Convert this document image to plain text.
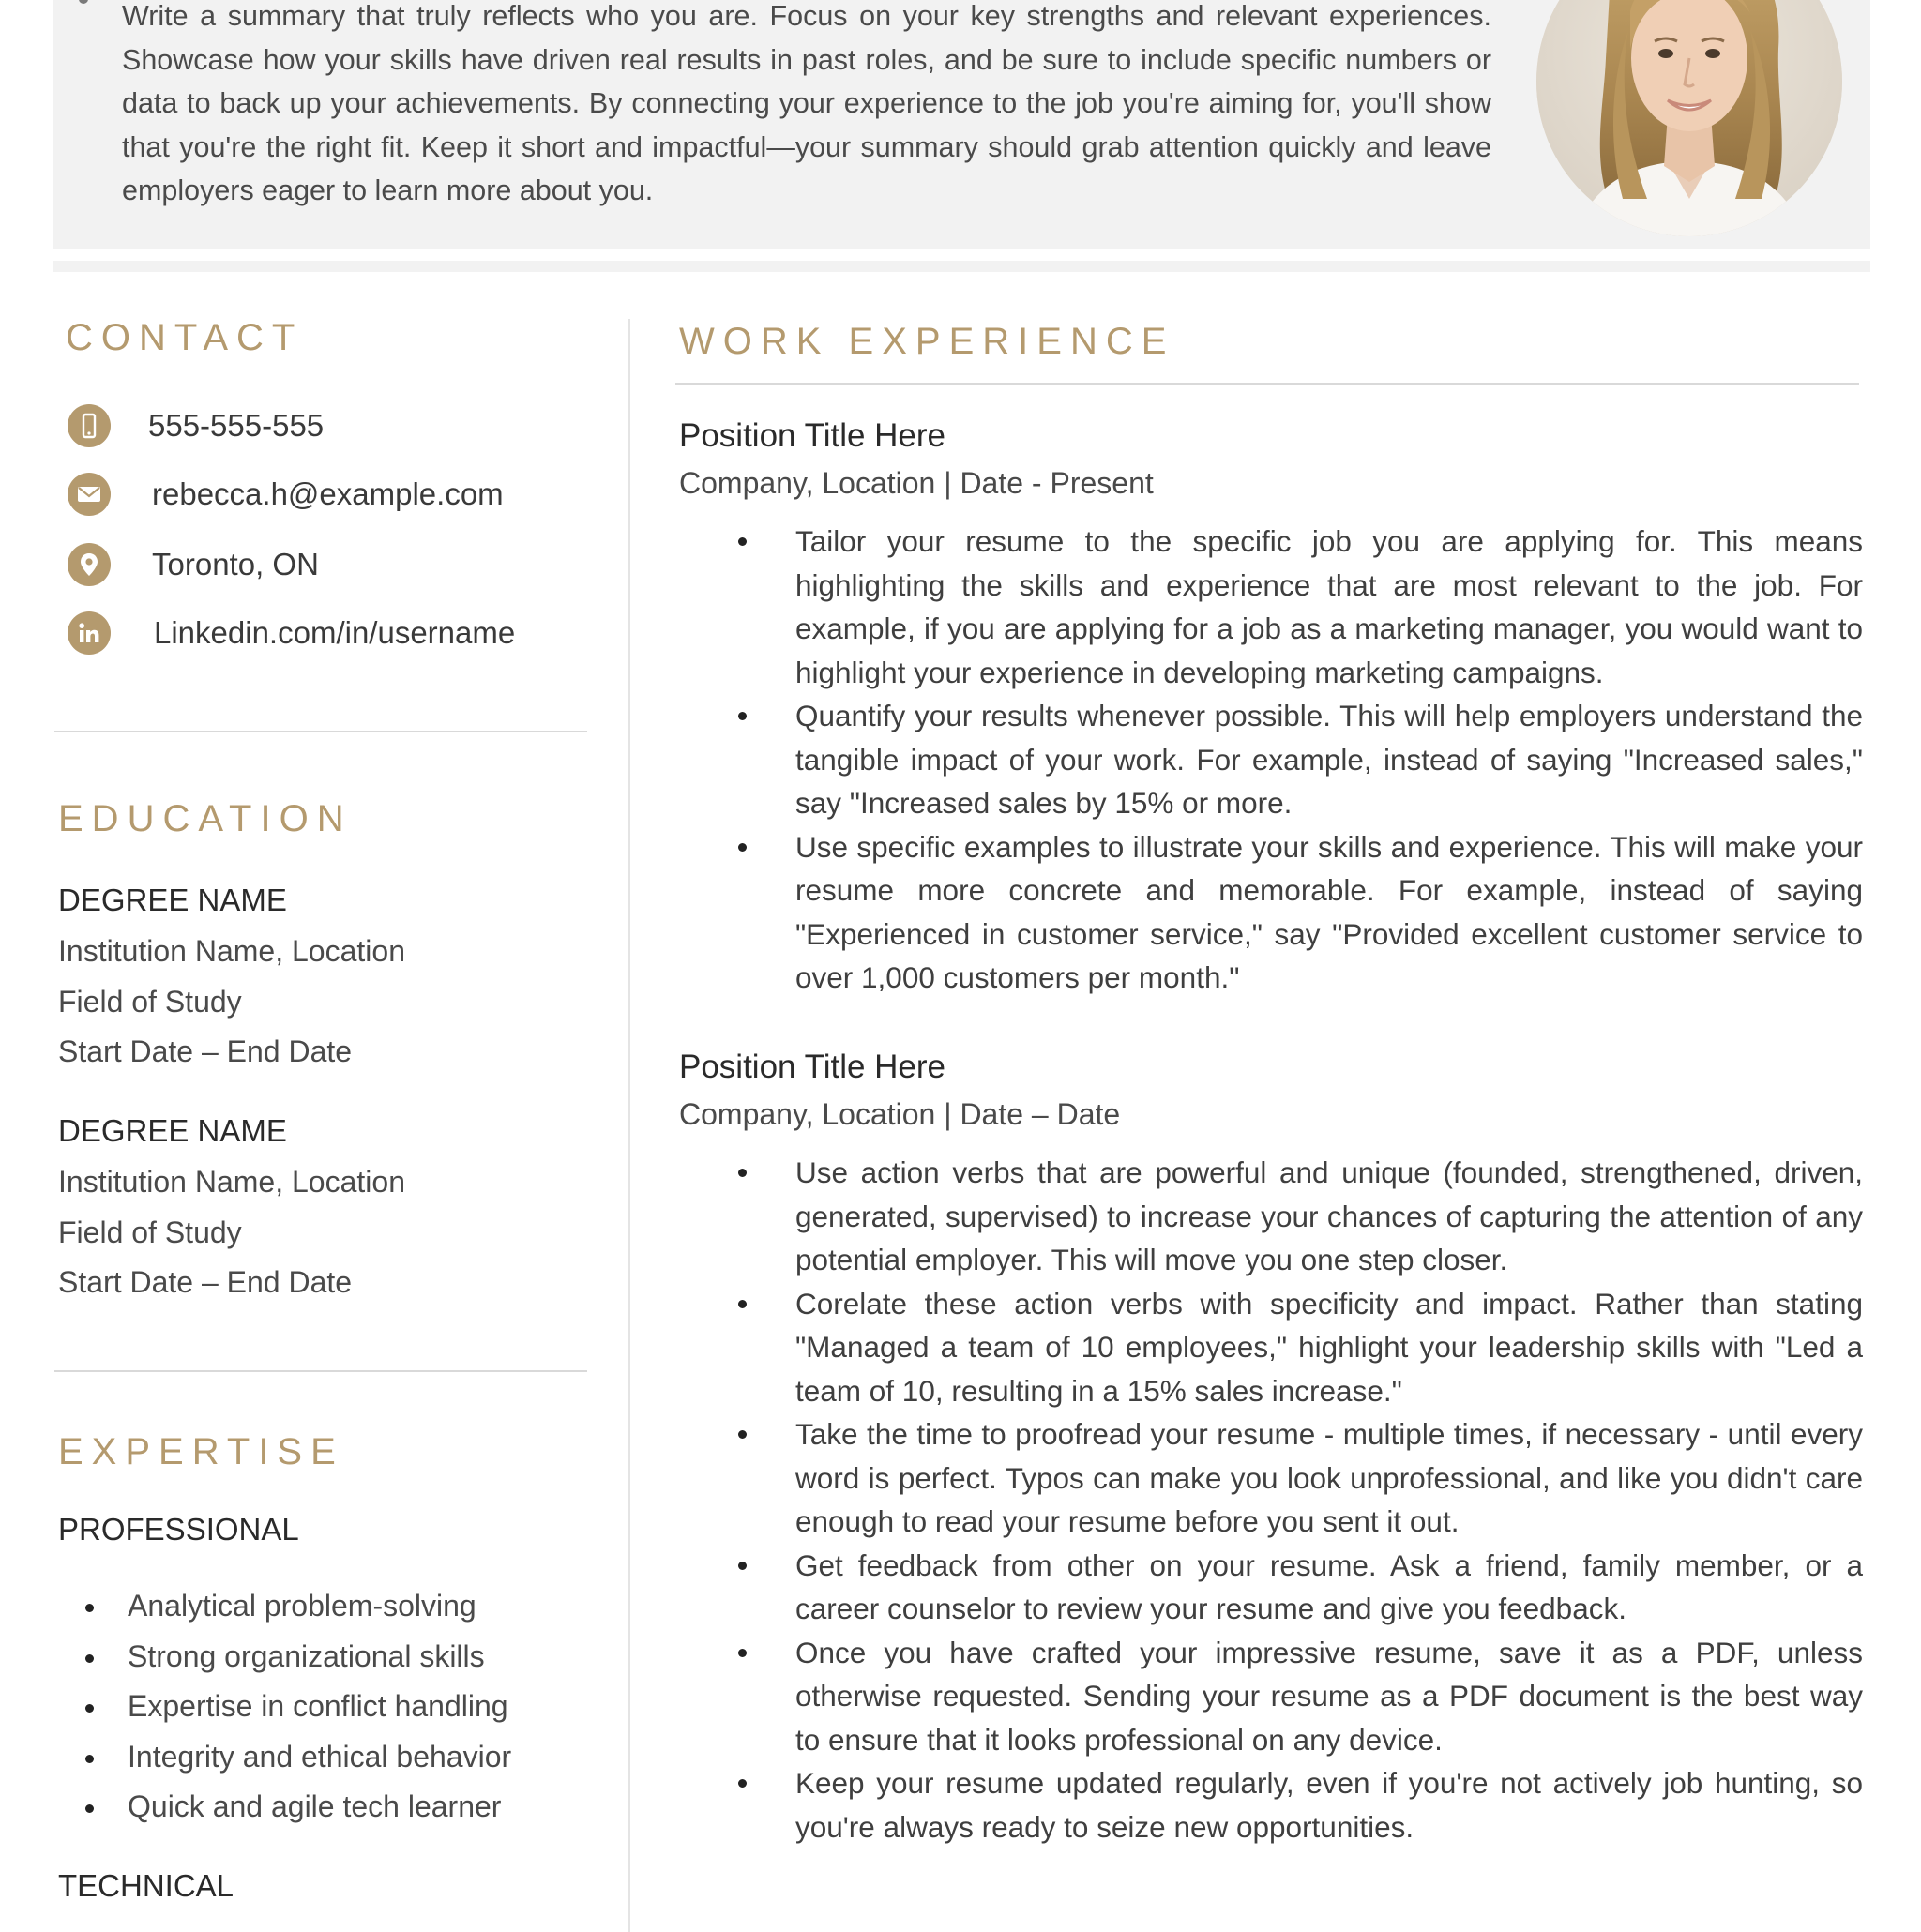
Write a summary that truly reflects who you are. Focus on your key strengths and relevant experiences. Showcase how your skills have driven real results in past roles, and be sure to include specific numbers or data to back up your achievements. By connecting your experience to the job you're aiming for, you'll show that you're the right fit. Keep it short and impactful—your summary should grab attention quickly and leave employers eager to learn more about you.

CONTACT
555-555-555
rebecca.h@example.com
Toronto, ON
Linkedin.com/in/username
EDUCATION

DEGREE NAME

Institution Name, Location

Field of Study

Start Date – End Date

DEGREE NAME

Institution Name, Location

Field of Study

Start Date – End Date

EXPERTISE

PROFESSIONAL

Analytical problem-solving
Strong organizational skills
Expertise in conflict handling
Integrity and ethical behavior
Quick and agile tech learner

TECHNICAL

WORK EXPERIENCE

Position Title Here

Company, Location | Date - Present

Tailor your resume to the specific job you are applying for. This means highlighting the skills and experience that are most relevant to the job. For example, if you are applying for a job as a marketing manager, you would want to highlight your experience in developing marketing campaigns.
Quantify your results whenever possible. This will help employers understand the tangible impact of your work. For example, instead of saying "Increased sales," say "Increased sales by 15% or more.
Use specific examples to illustrate your skills and experience. This will make your resume more concrete and memorable. For example, instead of saying "Experienced in customer service," say "Provided excellent customer service to over 1,000 customers per month."

Position Title Here

Company, Location | Date – Date

Use action verbs that are powerful and unique (founded, strengthened, driven, generated, supervised) to increase your chances of capturing the attention of any potential employer. This will move you one step closer.
Corelate these action verbs with specificity and impact. Rather than stating "Managed a team of 10 employees," highlight your leadership skills with "Led a team of 10, resulting in a 15% sales increase."
Take the time to proofread your resume - multiple times, if necessary - until every word is perfect. Typos can make you look unprofessional, and like you didn't care enough to read your resume before you sent it out.
Get feedback from other on your resume. Ask a friend, family member, or a career counselor to review your resume and give you feedback.
Once you have crafted your impressive resume, save it as a PDF, unless otherwise requested. Sending your resume as a PDF document is the best way to ensure that it looks professional on any device.
Keep your resume updated regularly, even if you're not actively job hunting, so you're always ready to seize new opportunities.
